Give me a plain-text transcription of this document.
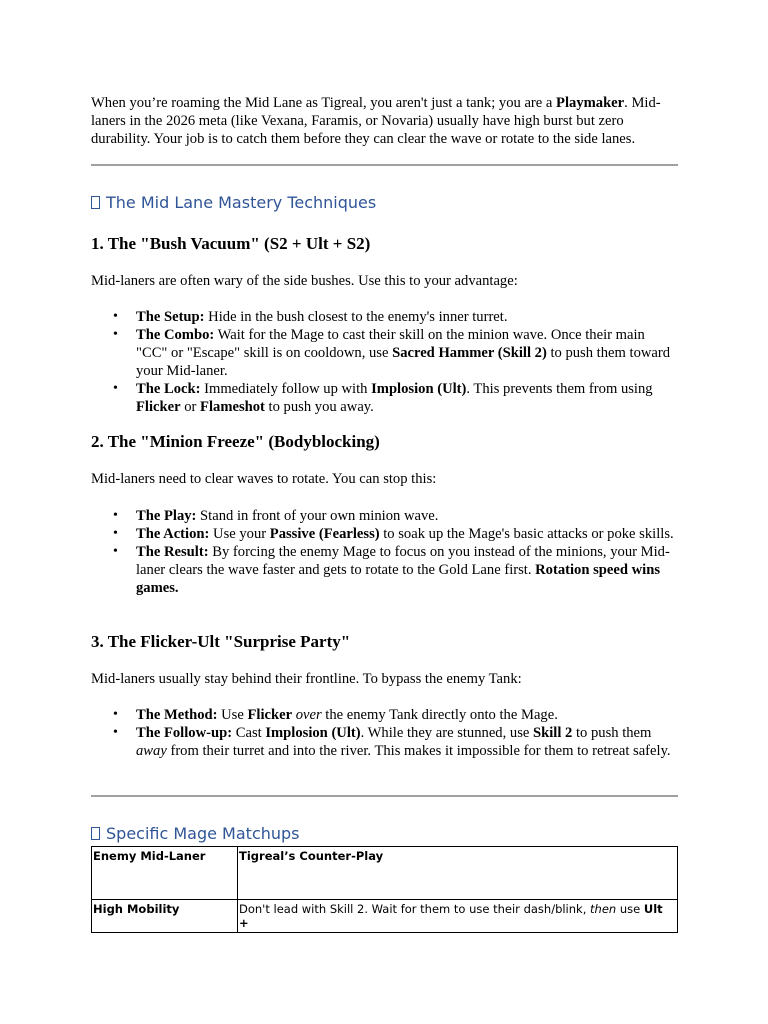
When you’re roaming the Mid Lane as Tigreal, you aren't just a tank; you are a Playmaker. Mid-laners in the 2026 meta (like Vexana, Faramis, or Novaria) usually have high burst but zero durability. Your job is to catch them before they can clear the wave or rotate to the side lanes.

The Mid Lane Mastery Techniques
1. The "Bush Vacuum" (S2 + Ult + S2)

Mid-laners are often wary of the side bushes. Use this to your advantage:

• The Setup: Hide in the bush closest to the enemy's inner turret.
• The Combo: Wait for the Mage to cast their skill on the minion wave. Once their main "CC" or "Escape" skill is on cooldown, use Sacred Hammer (Skill 2) to push them toward your Mid-laner.
• The Lock: Immediately follow up with Implosion (Ult). This prevents them from using Flicker or Flameshot to push you away.
2. The "Minion Freeze" (Bodyblocking)

Mid-laners need to clear waves to rotate. You can stop this:

• The Play: Stand in front of your own minion wave.
• The Action: Use your Passive (Fearless) to soak up the Mage's basic attacks or poke skills.
• The Result: By forcing the enemy Mage to focus on you instead of the minions, your Mid-laner clears the wave faster and gets to rotate to the Gold Lane first. Rotation speed wins games.
3. The Flicker-Ult "Surprise Party"

Mid-laners usually stay behind their frontline. To bypass the enemy Tank:

• The Method: Use Flicker over the enemy Tank directly onto the Mage.
• The Follow-up: Cast Implosion (Ult). While they are stunned, use Skill 2 to push them away from their turret and into the river. This makes it impossible for them to retreat safely.
Specific Mage Matchups
Enemy Mid-Laner	Tigreal’s Counter-Play
High Mobility	Don't lead with Skill 2. Wait for them to use their dash/blink, then use Ult +
